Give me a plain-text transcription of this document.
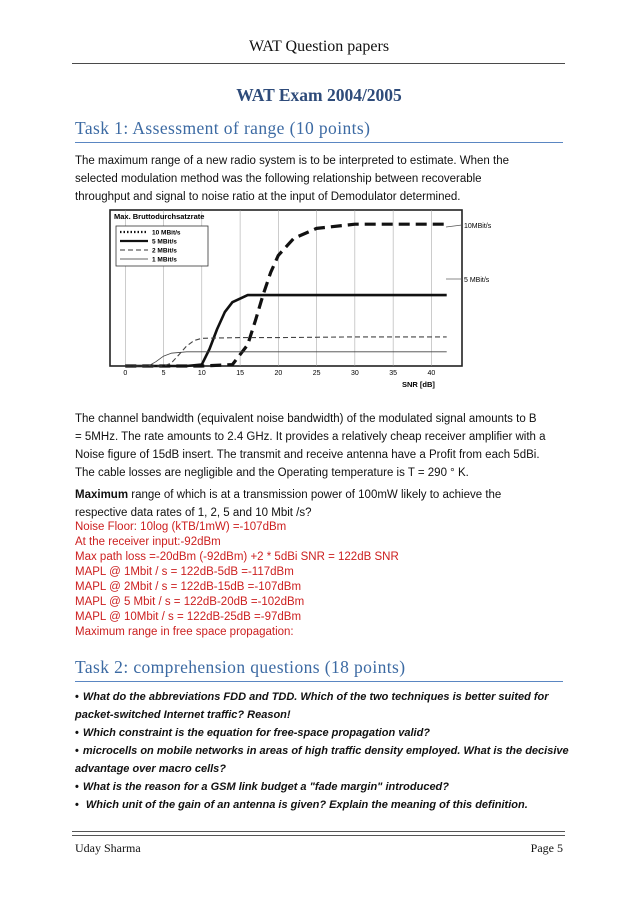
WAT Question papers
WAT Exam 2004/2005
Task 1: Assessment of range (10 points)
The maximum range of a new radio system is to be interpreted to estimate. When the
selected modulation method was the following relationship between recoverable
throughput and signal to noise ratio at the input of Demodulator determined.
Max. Bruttodurchsatzrate
10 MBit/s
5 MBit/s
2 MBit/s
1 MBit/s
0	5	10	15	20	25	30	35	40
10MBit/s
5 MBit/s
SNR [dB]
The channel bandwidth (equivalent noise bandwidth) of the modulated signal amounts to B
= 5MHz. The rate amounts to 2.4 GHz. It provides a relatively cheap receiver amplifier with a
Noise figure of 15dB insert. The transmit and receive antenna have a Profit from each 5dBi.
The cable losses are negligible and the Operating temperature is T = 290 ° K.
Maximum range of which is at a transmission power of 100mW likely to achieve the
respective data rates of 1, 2, 5 and 10 Mbit /s?
Noise Floor: 10log (kTB/1mW) =-107dBm
At the receiver input:-92dBm
Max path loss =-20dBm (-92dBm) +2 * 5dBi SNR = 122dB SNR
MAPL @ 1Mbit / s = 122dB-5dB =-117dBm
MAPL @ 2Mbit / s = 122dB-15dB =-107dBm
MAPL @ 5 Mbit / s = 122dB-20dB =-102dBm
MAPL @ 10Mbit / s = 122dB-25dB =-97dBm
Maximum range in free space propagation:
Task 2: comprehension questions (18 points)
• What do the abbreviations FDD and TDD. Which of the two techniques is better suited for
packet-switched Internet traffic? Reason!
• Which constraint is the equation for free-space propagation valid?
• microcells on mobile networks in areas of high traffic density employed. What is the decisive
advantage over macro cells?
• What is the reason for a GSM link budget a "fade margin" introduced?
• Which unit of the gain of an antenna is given? Explain the meaning of this definition.
Uday Sharma	Page 5
